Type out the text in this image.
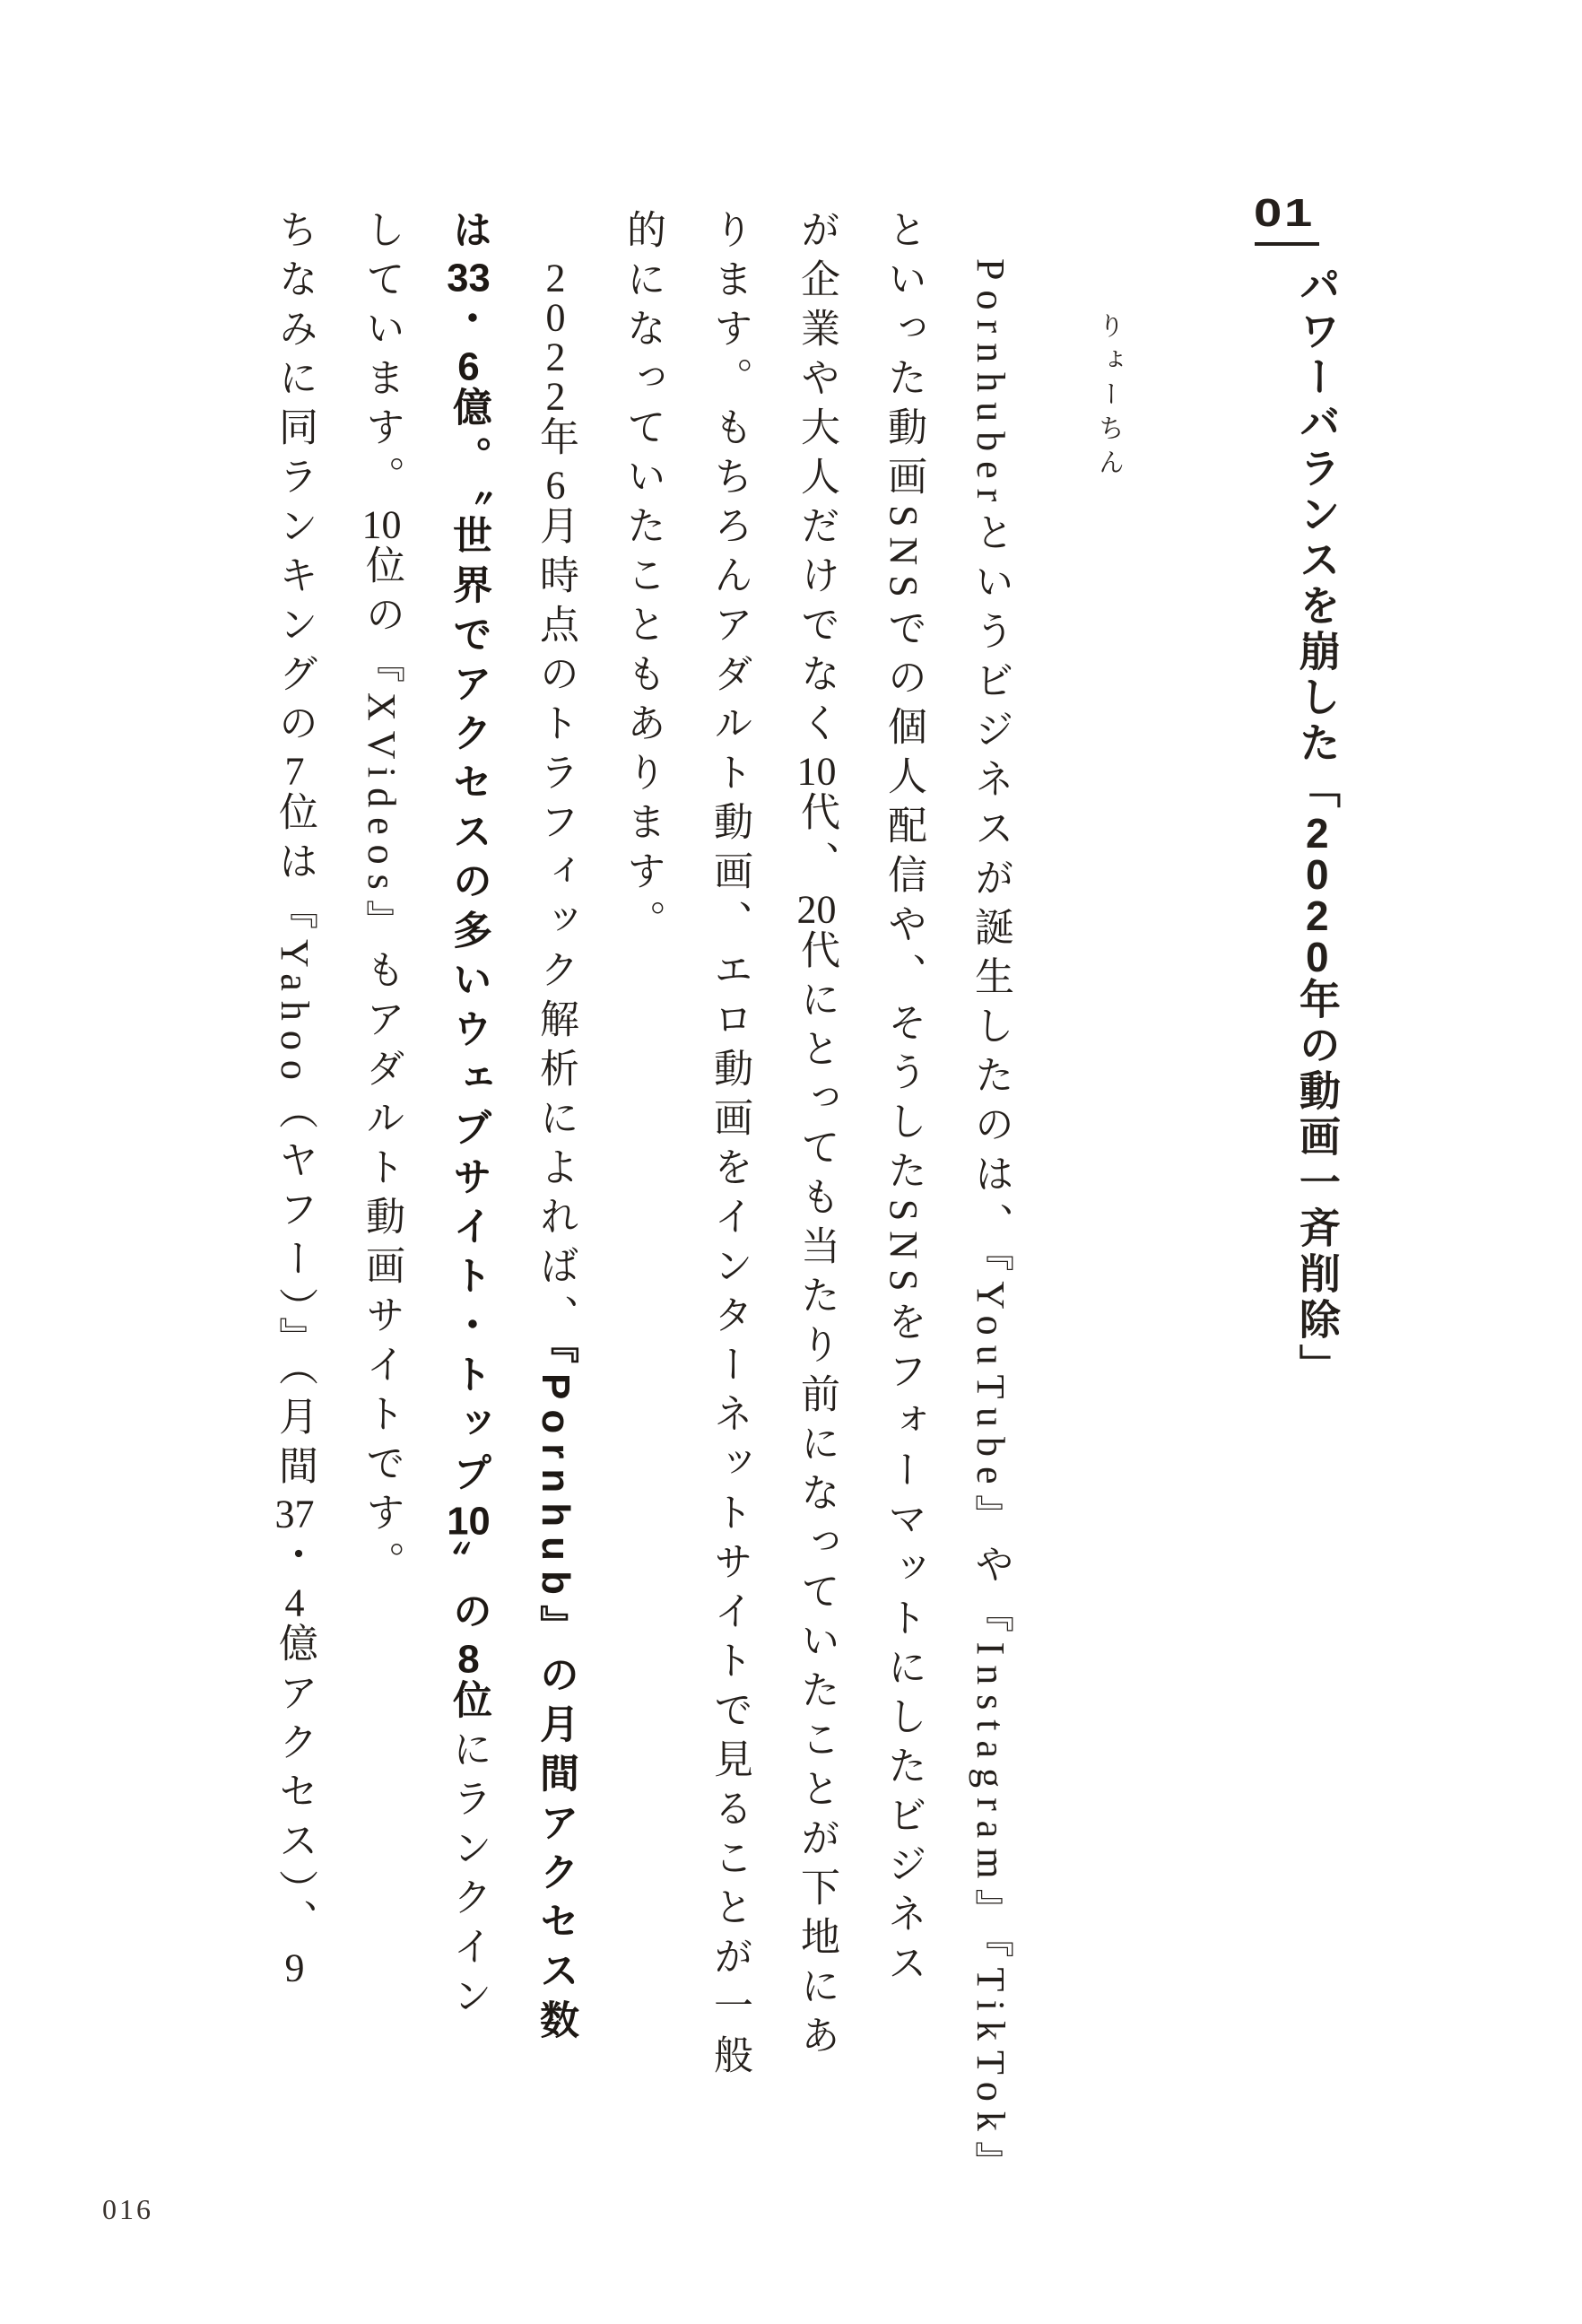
01
パワーバランスを崩した「2020年の動画一斉削除」
りょーちん
Pornhuberというビジネスが誕生したのは、『YouTube』や『Instagram』『TikTok』
といった動画SNSでの個人配信や、そうしたSNSをフォーマットにしたビジネス
が企業や大人だけでなく10代、20代にとっても当たり前になっていたことが下地にあ
ります。もちろんアダルト動画、エロ動画をインターネットサイトで見ることが一般
的になっていたこともあります。
2022年6月時点のトラフィック解析によれば、『Pornhub』の月間アクセス数
は33・6億。〝世界でアクセスの多いウェブサイト・トップ10〟の8位にランクイン
しています。10位の『XVideos』もアダルト動画サイトです。
ちなみに同ランキングの7位は『Yahoo（ヤフー）』（月間37・4億アクセス）、9
016
